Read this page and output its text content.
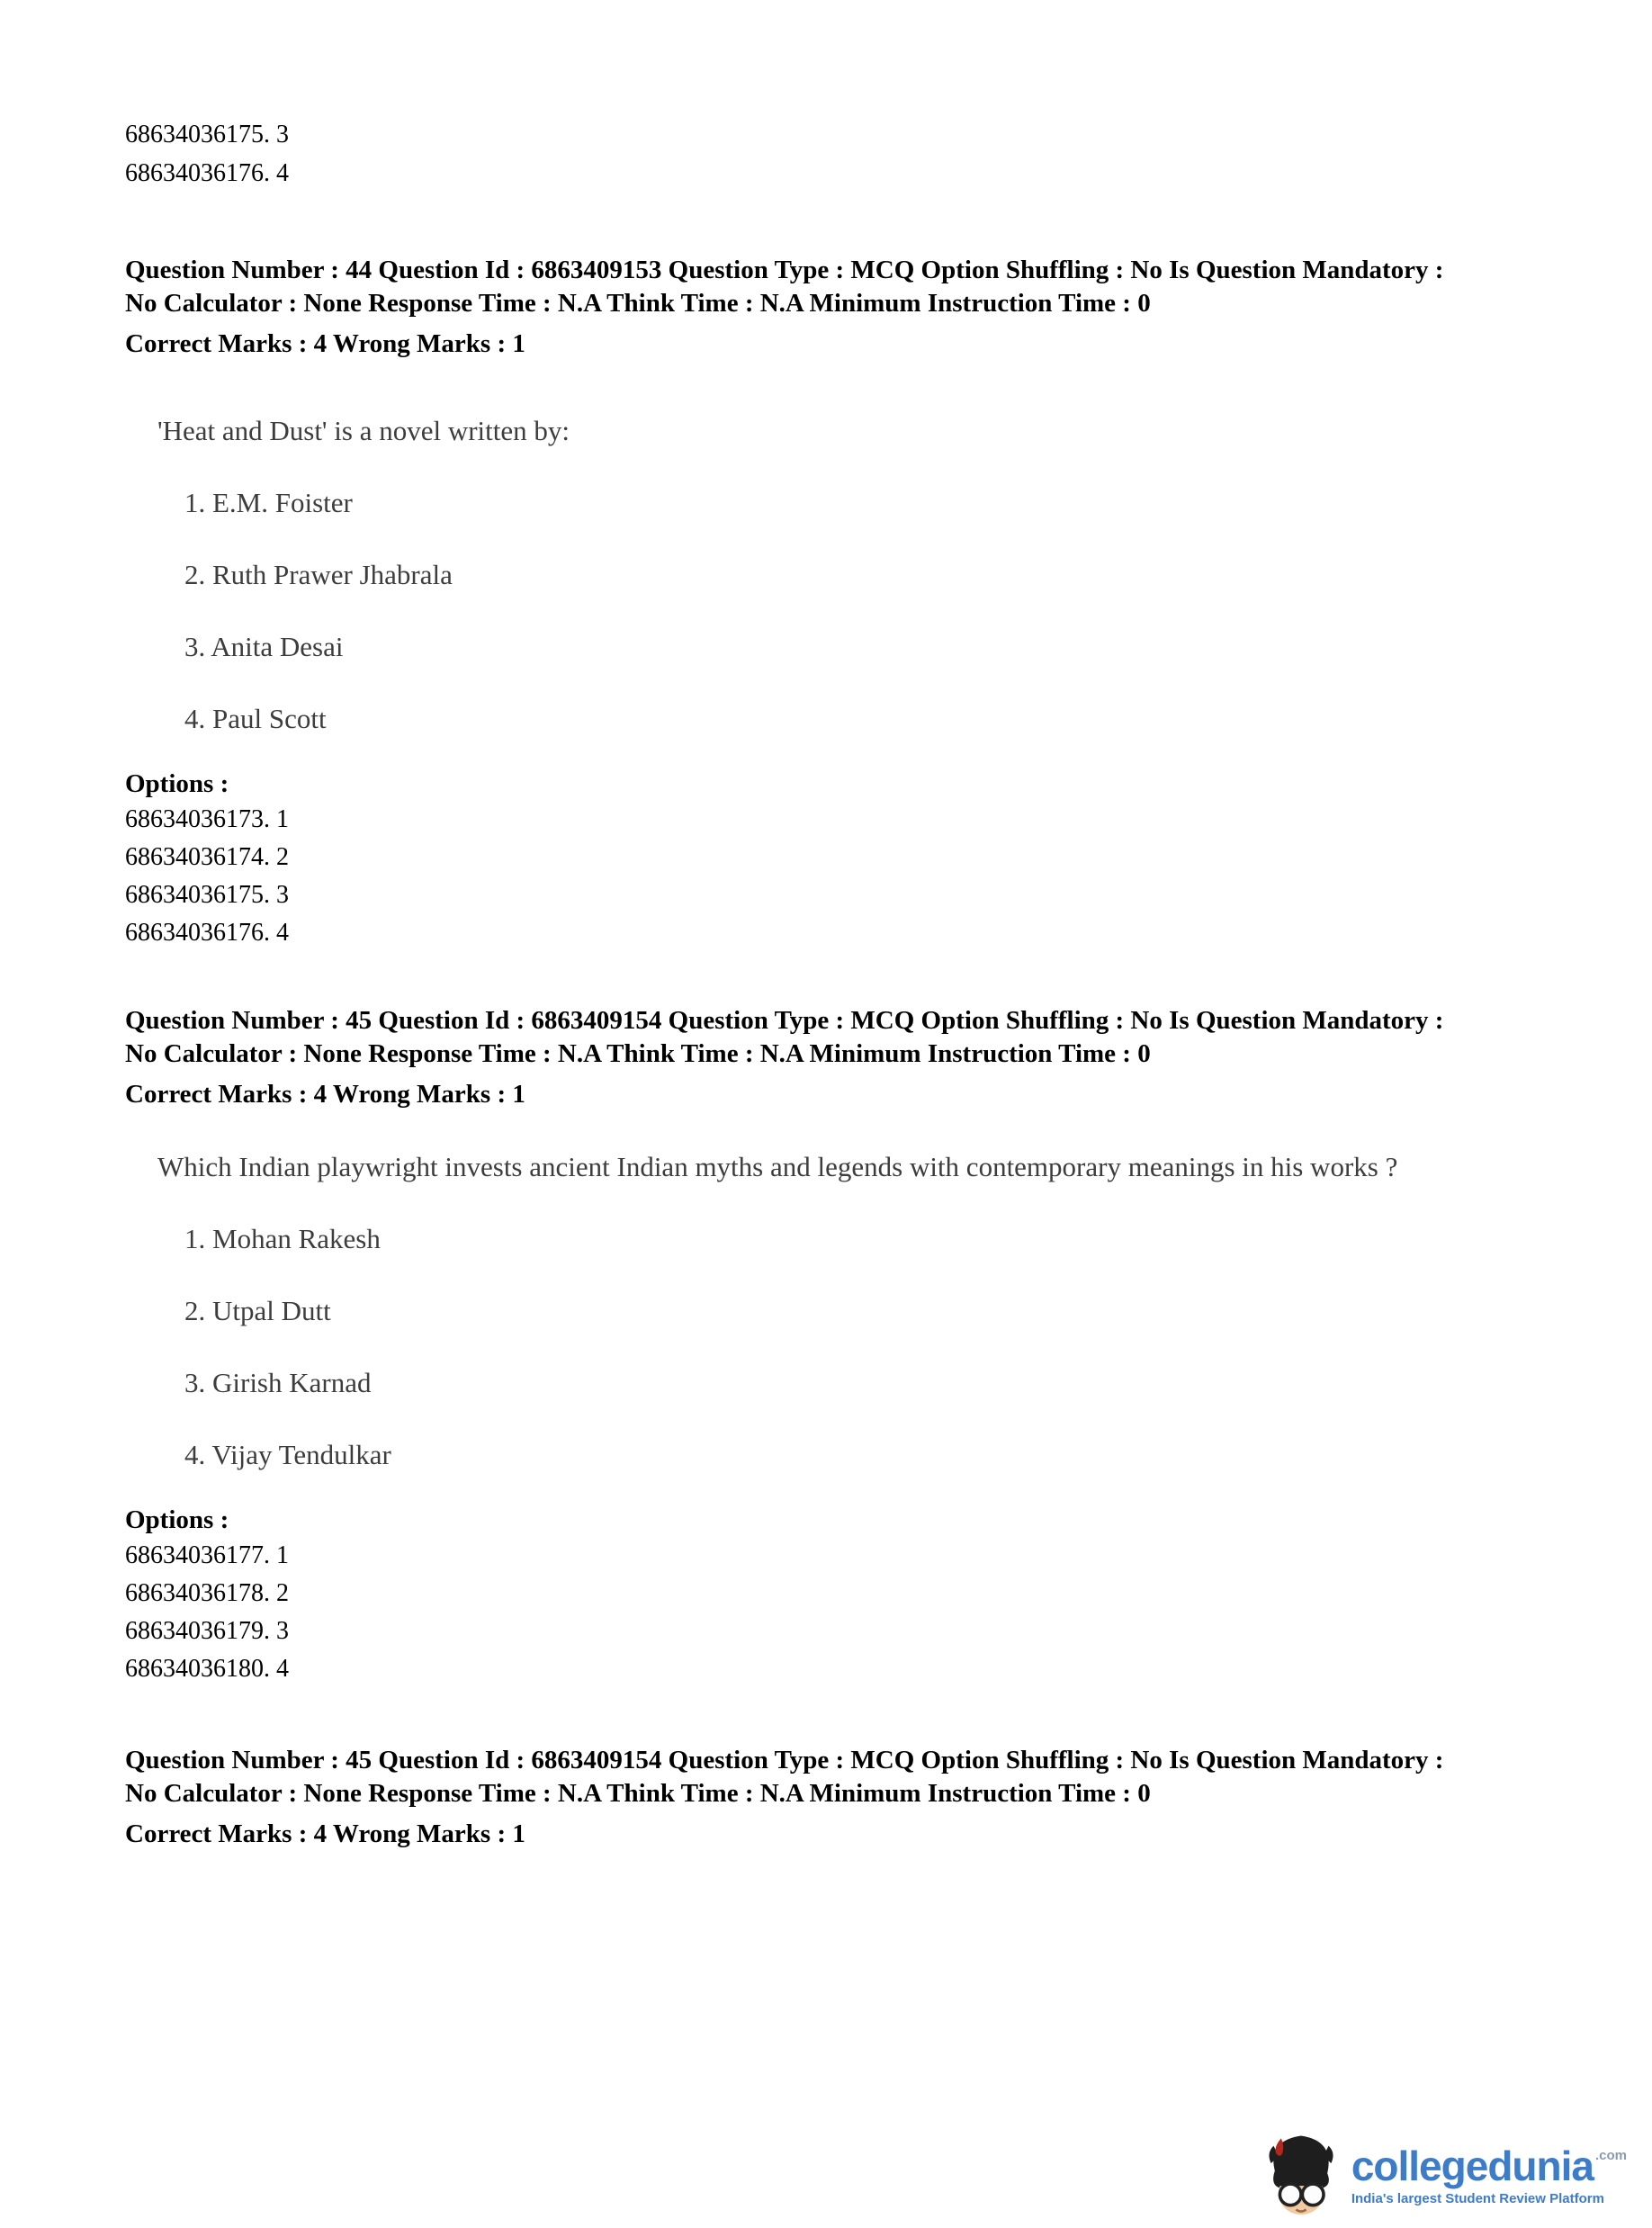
68634036175. 3
68634036176. 4

Question Number : 44 Question Id : 6863409153 Question Type : MCQ Option Shuffling : No Is Question Mandatory :
No Calculator : None Response Time : N.A Think Time : N.A Minimum Instruction Time : 0

Correct Marks : 4 Wrong Marks : 1

'Heat and Dust' is a novel written by:

1. E.M. Foister

2. Ruth Prawer Jhabrala

3. Anita Desai

4. Paul Scott

Options :

68634036173. 1
68634036174. 2
68634036175. 3
68634036176. 4

Question Number : 45 Question Id : 6863409154 Question Type : MCQ Option Shuffling : No Is Question Mandatory :
No Calculator : None Response Time : N.A Think Time : N.A Minimum Instruction Time : 0

Correct Marks : 4 Wrong Marks : 1

Which Indian playwright invests ancient Indian myths and legends with contemporary meanings in his works ?

1. Mohan Rakesh

2. Utpal Dutt

3. Girish Karnad

4. Vijay Tendulkar

Options :

68634036177. 1
68634036178. 2
68634036179. 3
68634036180. 4

Question Number : 45 Question Id : 6863409154 Question Type : MCQ Option Shuffling : No Is Question Mandatory :
No Calculator : None Response Time : N.A Think Time : N.A Minimum Instruction Time : 0

Correct Marks : 4 Wrong Marks : 1

collegedunia .com
India's largest Student Review Platform
